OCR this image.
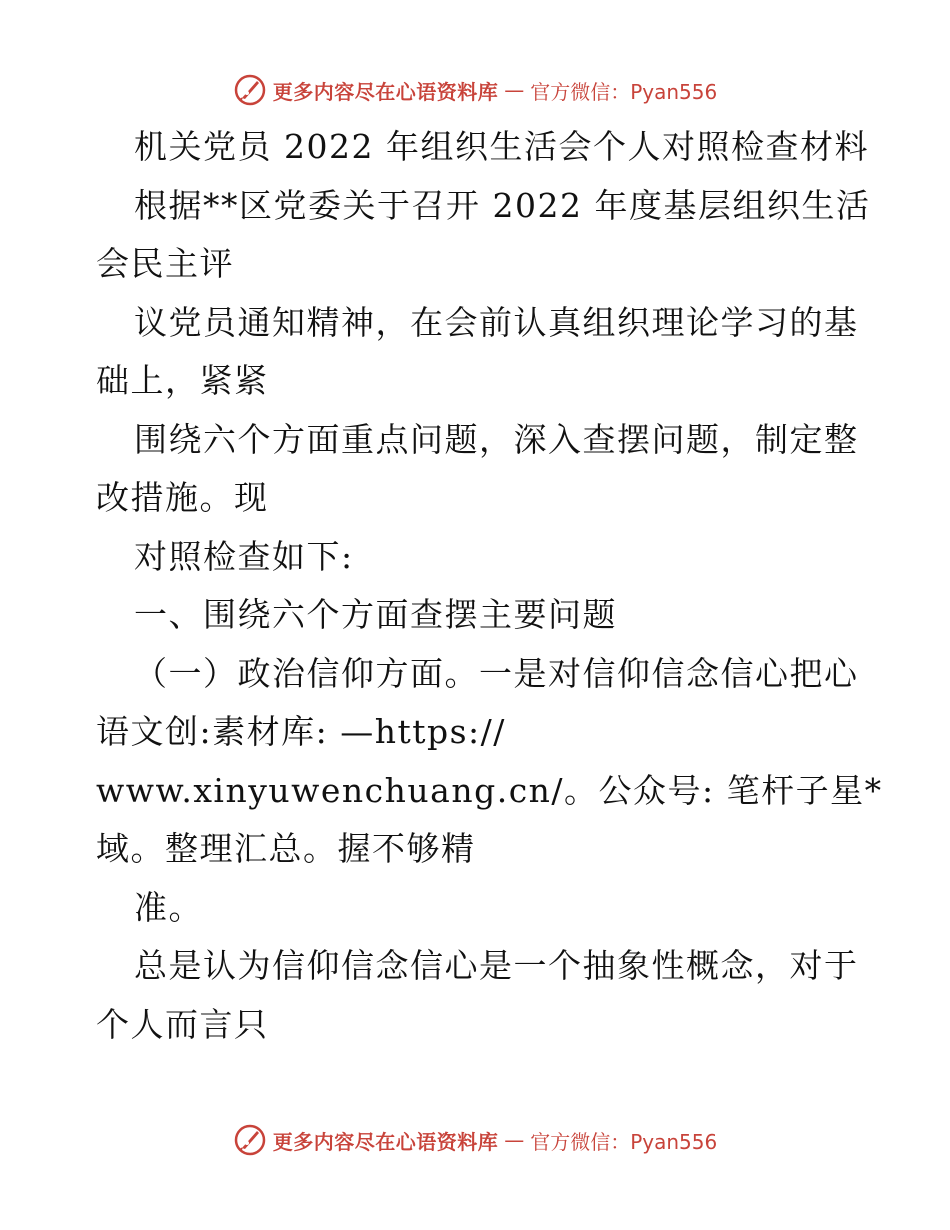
更多内容尽在心语资料库 — 官方微信：Pyan556
机关党员 2022 年组织生活会个人对照检查材料
根据**区党委关于召开 2022 年度基层组织生活
会民主评
议党员通知精神，在会前认真组织理论学习的基
础上，紧紧
围绕六个方面重点问题，深入查摆问题，制定整
改措施。现
对照检查如下:
一、围绕六个方面查摆主要问题
（一）政治信仰方面。一是对信仰信念信心把心
语文创:素材库: —https://
www.xinyuwenchuang.cn/。公众号: 笔杆子星*
域。整理汇总。握不够精
准。
总是认为信仰信念信心是一个抽象性概念，对于
个人而言只
更多内容尽在心语资料库 — 官方微信：Pyan556
